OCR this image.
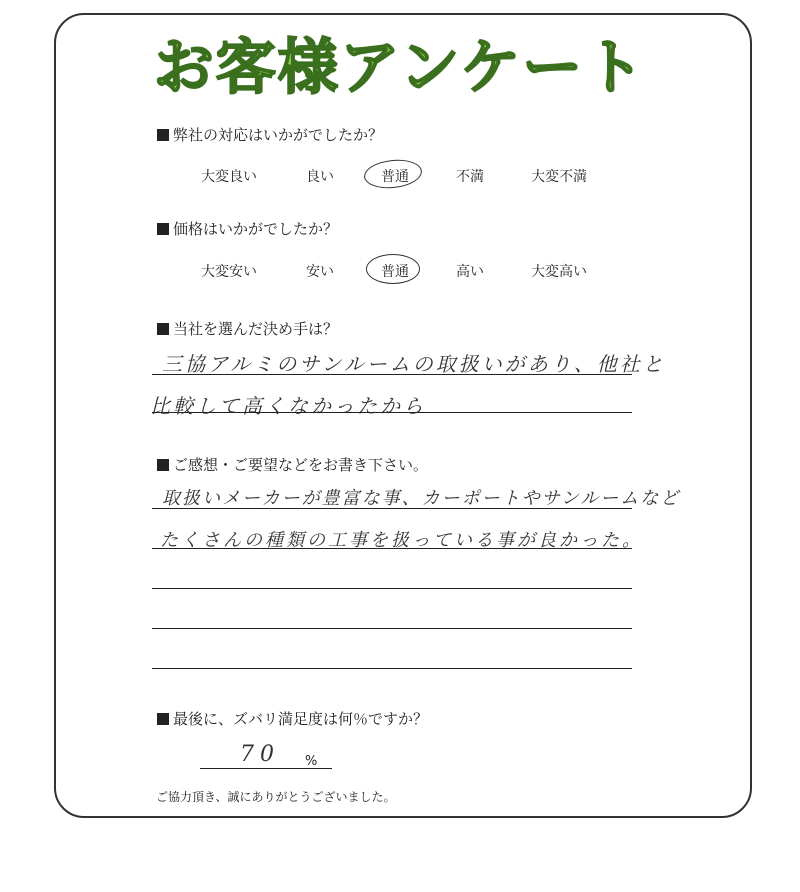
お客様アンケート
弊社の対応はいかがでしたか？
大変良い	良い	普通	不満	大変不満
価格はいかがでしたか？
大変安い	安い	普通	高い	大変高い
当社を選んだ決め手は？
三協アルミのサンルームの取扱いがあり、他社と
比較して高くなかったから
ご感想・ご要望などをお書き下さい。
取扱いメーカーが豊富な事、カーポートやサンルームなど
たくさんの種類の工事を扱っている事が良かった。
最後に、ズバリ満足度は何％ですか？
70 %
ご協力頂き、誠にありがとうございました。
